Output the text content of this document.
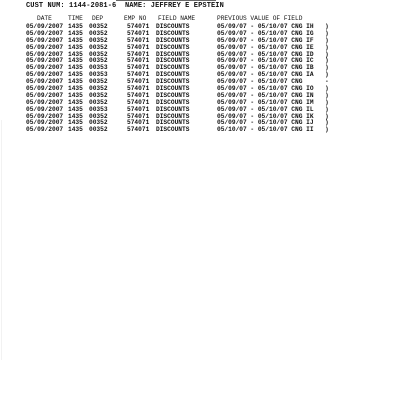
CUST NUM: 1144-2081-6 NAME: JEFFREY E EPSTEIN
DATE	TIME DEP	EMP NO FIELD NAME	PREVIOUS VALUE OF FIELD
05/09/2007 1435 00352	574071 DISCOUNTS	05/09/07 - 05/10/07 CNG IH )
05/09/2007 1435 00352	574071 DISCOUNTS	05/09/07 - 05/10/07 CNG IG )
05/09/2007 1435 00352	574071 DISCOUNTS	05/09/07 - 05/10/07 CNG IF )
05/09/2007 1435 00352	574071 DISCOUNTS	05/09/07 - 05/10/07 CNG IE )
05/09/2007 1435 00352	574071 DISCOUNTS	05/09/07 - 05/10/07 CNG ID )
05/09/2007 1435 00352	574071 DISCOUNTS	05/09/07 - 05/10/07 CNG IC )
05/09/2007 1435 00353	574071 DISCOUNTS	05/09/07 - 05/10/07 CNG IB )
05/09/2007 1435 00353	574071 DISCOUNTS	05/09/07 - 05/10/07 CNG IA )
05/09/2007 1435 00352	574071 DISCOUNTS	05/09/07 - 05/10/07 CNG	-
05/09/2007 1435 00352	574071 DISCOUNTS	05/09/07 - 05/10/07 CNG IO )
05/09/2007 1435 00352	574071 DISCOUNTS	05/09/07 - 05/10/07 CNG IN )
05/09/2007 1435 00352	574071 DISCOUNTS	05/09/07 - 05/10/07 CNG IM )
05/09/2007 1435 00353	574071 DISCOUNTS	05/09/07 - 05/10/07 CNG IL )
05/09/2007 1435 00352	574071 DISCOUNTS	05/09/07 - 05/10/07 CNG IK )
05/09/2007 1435 00352	574071 DISCOUNTS	05/09/07 - 05/10/07 CNG IJ )
05/09/2007 1435 00352	574071 DISCOUNTS	05/10/07 - 05/10/07 CNG II )
